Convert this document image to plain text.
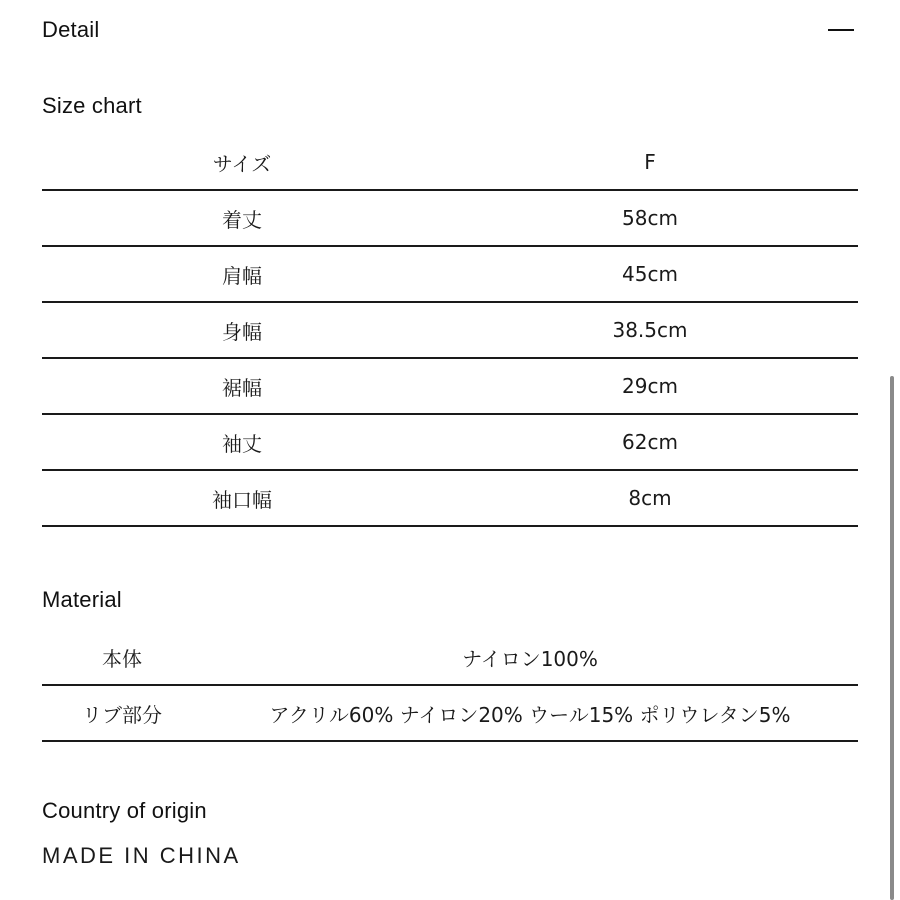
Detail
Size chart
サイズ	F
着丈	58cm
肩幅	45cm
身幅	38.5cm
裾幅	29cm
袖丈	62cm
袖口幅	8cm
Material
本体	ナイロン100%
リブ部分	アクリル60% ナイロン20% ウール15% ポリウレタン5%
Country of origin
MADE IN CHINA
